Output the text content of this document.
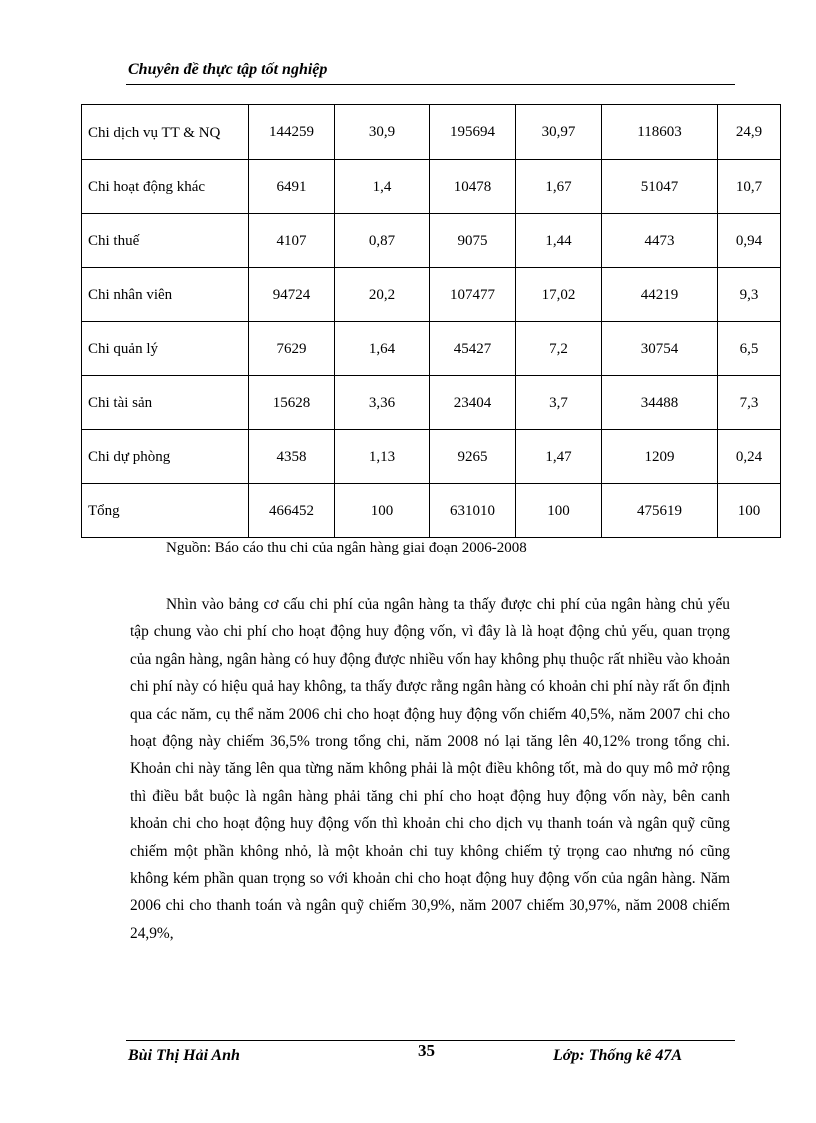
Chuyên đề thực tập tốt nghiệp
Chi dịch vụ TT & NQ	144259	30,9	195694	30,97	118603	24,9
Chi hoạt động khác	6491	1,4	10478	1,67	51047	10,7
Chi thuế	4107	0,87	9075	1,44	4473	0,94
Chi nhân viên	94724	20,2	107477	17,02	44219	9,3
Chi quản lý	7629	1,64	45427	7,2	30754	6,5
Chi tài sản	15628	3,36	23404	3,7	34488	7,3
Chi dự phòng	4358	1,13	9265	1,47	1209	0,24
Tổng	466452	100	631010	100	475619	100
Nguồn: Báo cáo thu chi của ngân hàng giai đoạn 2006-2008

Nhìn vào bảng cơ cấu chi phí của ngân hàng ta thấy được chi phí của ngân hàng chủ yếu tập chung vào chi phí cho hoạt động huy động vốn, vì đây là là hoạt động chủ yếu, quan trọng của ngân hàng, ngân hàng có huy động được nhiều vốn hay không phụ thuộc rất nhiều vào khoản chi phí này có hiệu quả hay không, ta thấy được rằng ngân hàng có khoản chi phí này rất ổn định qua các năm, cụ thể năm 2006 chi cho hoạt động huy động vốn chiếm 40,5%, năm 2007 chi cho hoạt động này chiếm 36,5% trong tổng chi, năm 2008 nó lại tăng lên 40,12% trong tổng chi. Khoản chi này tăng lên qua từng năm không phải là một điều không tốt, mà do quy mô mở rộng thì điều bắt buộc là ngân hàng phải tăng chi phí cho hoạt động huy động vốn này, bên canh khoản chi cho hoạt động huy động vốn thì khoản chi cho dịch vụ thanh toán và ngân quỹ cũng chiếm một phần không nhỏ, là một khoản chi tuy không chiếm tỷ trọng cao nhưng nó cũng không kém phần quan trọng so với khoản chi cho hoạt động huy động vốn của ngân hàng. Năm 2006 chi cho thanh toán và ngân quỹ chiếm 30,9%, năm 2007 chiếm 30,97%, năm 2008 chiếm 24,9%,

Bùi Thị Hải Anh	35	Lớp: Thống kê 47A
